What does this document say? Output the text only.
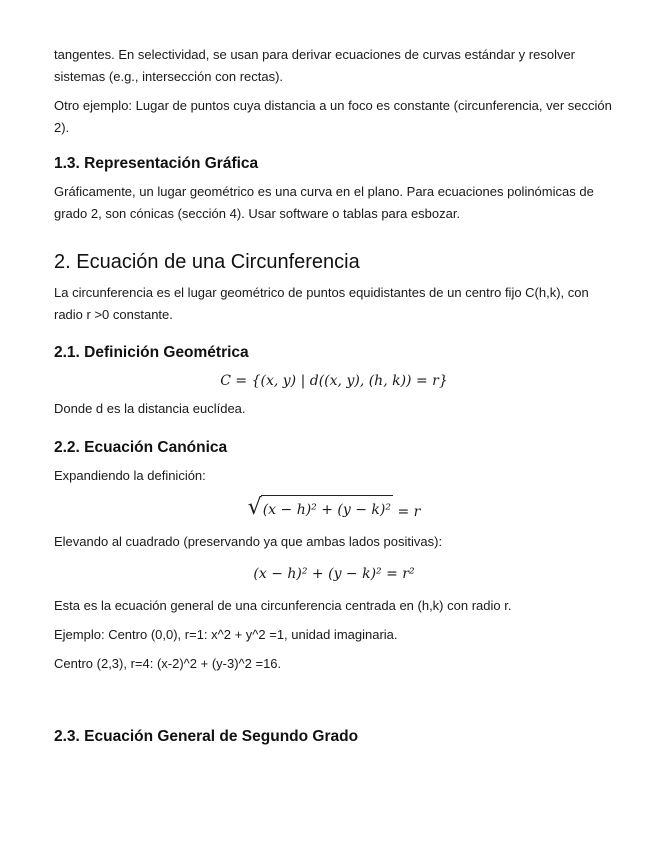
tangentes. En selectividad, se usan para derivar ecuaciones de curvas estándar y resolver sistemas (e.g., intersección con rectas).

Otro ejemplo: Lugar de puntos cuya distancia a un foco es constante (circunferencia, ver sección 2).

1.3. Representación Gráfica

Gráficamente, un lugar geométrico es una curva en el plano. Para ecuaciones polinómicas de grado 2, son cónicas (sección 4). Usar software o tablas para esbozar.

2. Ecuación de una Circunferencia

La circunferencia es el lugar geométrico de puntos equidistantes de un centro fijo C(h,k), con radio r >0 constante.

2.1. Definición Geométrica
C = {(x, y) | d((x, y), (h, k)) = r}

Donde d es la distancia euclídea.

2.2. Ecuación Canónica

Expandiendo la definición:

√ (x − h)² + (y − k)² = r

Elevando al cuadrado (preservando ya que ambas lados positivas):

(x − h)² + (y − k)² = r²

Esta es la ecuación general de una circunferencia centrada en (h,k) con radio r.

Ejemplo: Centro (0,0), r=1: x^2 + y^2 =1, unidad imaginaria.

Centro (2,3), r=4: (x-2)^2 + (y-3)^2 =16.

2.3. Ecuación General de Segundo Grado
